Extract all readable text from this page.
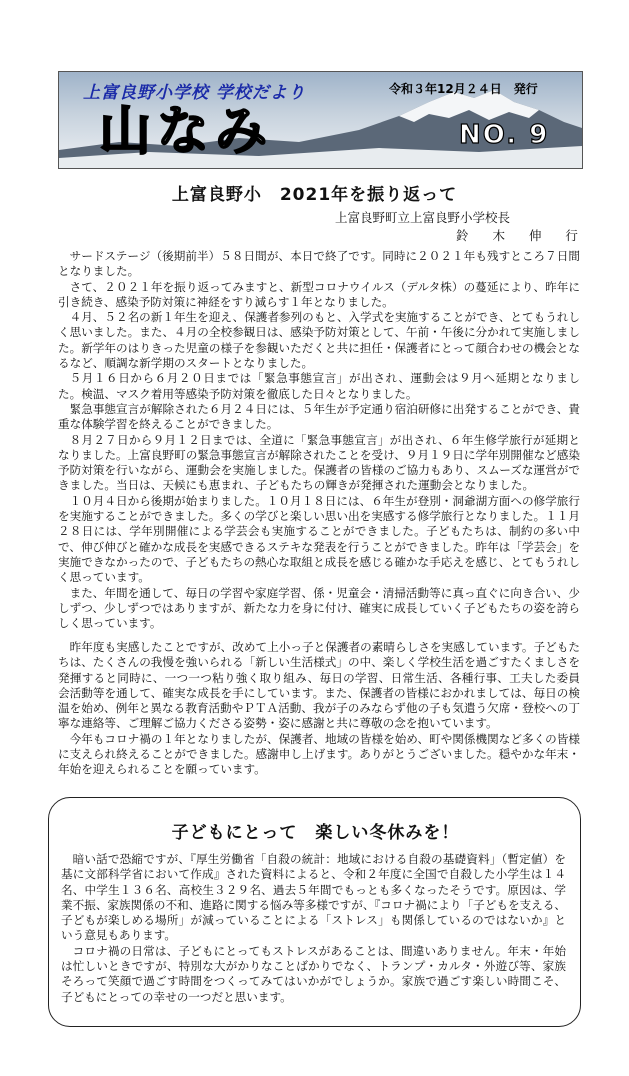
上富良野小学校 学校だより	令和３年12月２４日　発行
山なみ	NO. 9
上富良野小　2021年を振り返って
上富良野町立上富良野小学校長
鈴 木 伸 行

サードステージ（後期前半）５８日間が、本日で終了です。同時に２０２１年も残すところ７日間となりました。

さて、２０２１年を振り返ってみますと、新型コロナウイルス（デルタ株）の蔓延により、昨年に引き続き、感染予防対策に神経をすり減らす１年となりました。

４月、５２名の新１年生を迎え、保護者参列のもと、入学式を実施することができ、とてもうれしく思いました。また、４月の全校参観日は、感染予防対策として、午前・午後に分かれて実施しました。新学年のはりきった児童の様子を参観いただくと共に担任・保護者にとって顔合わせの機会となるなど、順調な新学期のスタートとなりました。

５月１６日から６月２０日までは「緊急事態宣言」が出され、運動会は９月へ延期となりました。検温、マスク着用等感染予防対策を徹底した日々となりました。

緊急事態宣言が解除された６月２４日には、５年生が予定通り宿泊研修に出発することができ、貴重な体験学習を終えることができました。

８月２７日から９月１２日までは、全道に「緊急事態宣言」が出され、６年生修学旅行が延期となりました。上富良野町の緊急事態宣言が解除されたことを受け、９月１９日に学年別開催など感染予防対策を行いながら、運動会を実施しました。保護者の皆様のご協力もあり、スムーズな運営ができました。当日は、天候にも恵まれ、子どもたちの輝きが発揮された運動会となりました。

１０月４日から後期が始まりました。１０月１８日には、６年生が登別・洞爺湖方面への修学旅行を実施することができました。多くの学びと楽しい思い出を実感する修学旅行となりました。１１月２８日には、学年別開催による学芸会も実施することができました。子どもたちは、制約の多い中で、伸び伸びと確かな成長を実感できるステキな発表を行うことができました。昨年は「学芸会」を実施できなかったので、子どもたちの熱心な取組と成長を感じる確かな手応えを感じ、とてもうれしく思っています。

また、年間を通して、毎日の学習や家庭学習、係・児童会・清掃活動等に真っ直ぐに向き合い、少しずつ、少しずつではありますが、新たな力を身に付け、確実に成長していく子どもたちの姿を誇らしく思っています。

昨年度も実感したことですが、改めて上小っ子と保護者の素晴らしさを実感しています。子どもたちは、たくさんの我慢を強いられる「新しい生活様式」の中、楽しく学校生活を過ごすたくましさを発揮すると同時に、一つ一つ粘り強く取り組み、毎日の学習、日常生活、各種行事、工夫した委員会活動等を通して、確実な成長を手にしています。また、保護者の皆様におかれましては、毎日の検温を始め、例年と異なる教育活動やＰＴＡ活動、我が子のみならず他の子も気遣う欠席・登校への丁寧な連絡等、ご理解ご協力くださる姿勢・姿に感謝と共に尊敬の念を抱いています。

今年もコロナ禍の１年となりましたが、保護者、地域の皆様を始め、町や関係機関など多くの皆様に支えられ終えることができました。感謝申し上げます。ありがとうございました。穏やかな年末・年始を迎えられることを願っています。

子どもにとって　楽しい冬休みを！

暗い話で恐縮ですが、『厚生労働省「自殺の統計：地域における自殺の基礎資料」（暫定値）を基に文部科学省において作成』された資料によると、令和２年度に全国で自殺した小学生は１４名、中学生１３６名、高校生３２９名、過去５年間でもっとも多くなったそうです。原因は、学業不振、家族関係の不和、進路に関する悩み等多様ですが、『コロナ禍により「子どもを支える、子どもが楽しめる場所」が減っていることによる「ストレス」も関係しているのではないか』という意見もあります。

コロナ禍の日常は、子どもにとってもストレスがあることは、間違いありません。年末・年始は忙しいときですが、特別な大がかりなことばかりでなく、トランプ・カルタ・外遊び等、家族そろって笑顔で過ごす時間をつくってみてはいかがでしょうか。家族で過ごす楽しい時間こそ、子どもにとっての幸せの一つだと思います。
